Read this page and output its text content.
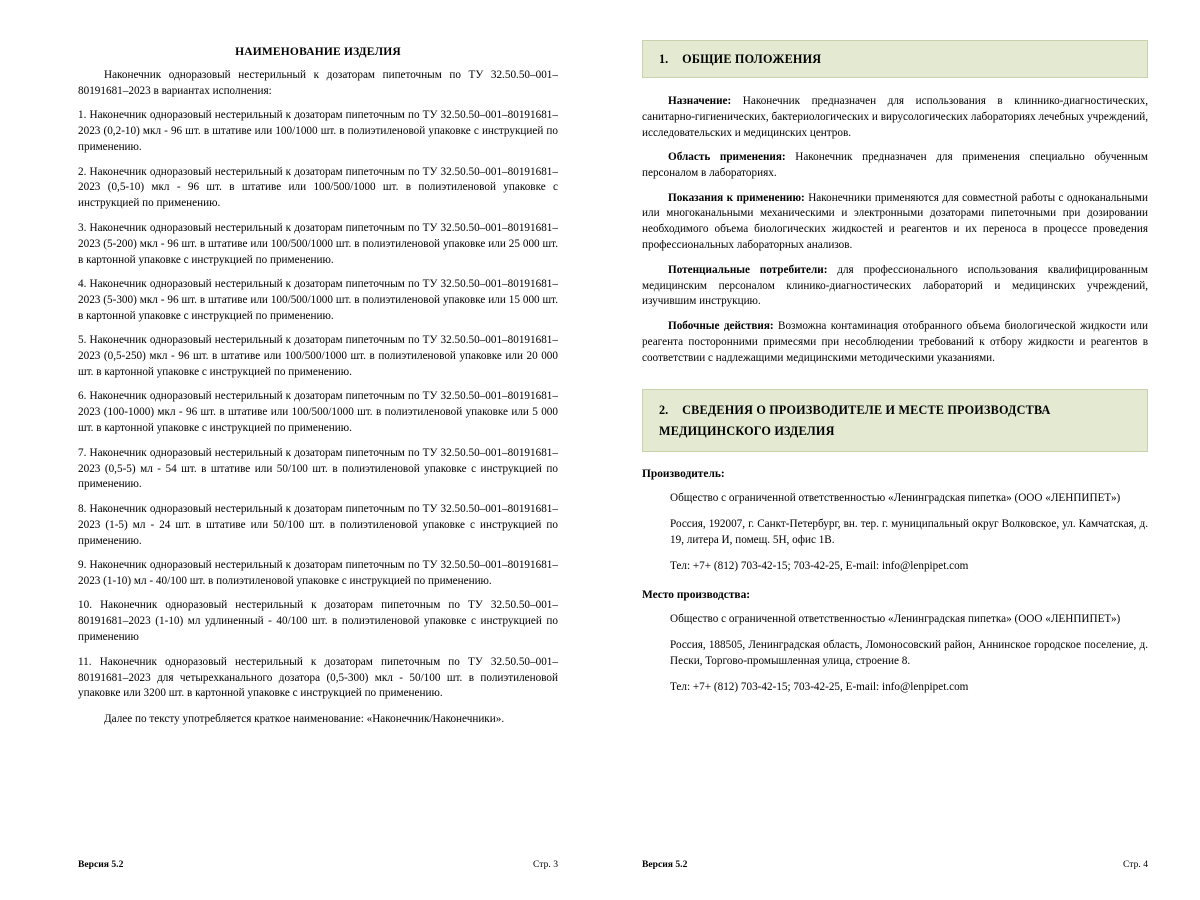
НАИМЕНОВАНИЕ ИЗДЕЛИЯ

Наконечник одноразовый нестерильный к дозаторам пипеточным по ТУ 32.50.50–001–80191681–2023 в вариантах исполнения:

1. Наконечник одноразовый нестерильный к дозаторам пипеточным по ТУ 32.50.50–001–80191681–2023 (0,2-10) мкл - 96 шт. в штативе или 100/1000 шт. в полиэтиленовой упаковке с инструкцией по применению.

2. Наконечник одноразовый нестерильный к дозаторам пипеточным по ТУ 32.50.50–001–80191681–2023 (0,5-10) мкл - 96 шт. в штативе или 100/500/1000 шт. в полиэтиленовой упаковке с инструкцией по применению.

3. Наконечник одноразовый нестерильный к дозаторам пипеточным по ТУ 32.50.50–001–80191681–2023 (5-200) мкл - 96 шт. в штативе или 100/500/1000 шт. в полиэтиленовой упаковке или 25 000 шт. в картонной упаковке с инструкцией по применению.

4. Наконечник одноразовый нестерильный к дозаторам пипеточным по ТУ 32.50.50–001–80191681–2023 (5-300) мкл - 96 шт. в штативе или 100/500/1000 шт. в полиэтиленовой упаковке или 15 000 шт. в картонной упаковке с инструкцией по применению.

5. Наконечник одноразовый нестерильный к дозаторам пипеточным по ТУ 32.50.50–001–80191681–2023 (0,5-250) мкл - 96 шт. в штативе или 100/500/1000 шт. в полиэтиленовой упаковке или 20 000 шт. в картонной упаковке с инструкцией по применению.

6. Наконечник одноразовый нестерильный к дозаторам пипеточным по ТУ 32.50.50–001–80191681–2023 (100-1000) мкл - 96 шт. в штативе или 100/500/1000 шт. в полиэтиленовой упаковке или 5 000 шт. в картонной упаковке с инструкцией по применению.

7. Наконечник одноразовый нестерильный к дозаторам пипеточным по ТУ 32.50.50–001–80191681–2023 (0,5-5) мл - 54 шт. в штативе или 50/100 шт. в полиэтиленовой упаковке с инструкцией по применению.

8. Наконечник одноразовый нестерильный к дозаторам пипеточным по ТУ 32.50.50–001–80191681–2023 (1-5) мл - 24 шт. в штативе или 50/100 шт. в полиэтиленовой упаковке с инструкцией по применению.

9. Наконечник одноразовый нестерильный к дозаторам пипеточным по ТУ 32.50.50–001–80191681–2023 (1-10) мл - 40/100 шт. в полиэтиленовой упаковке с инструкцией по применению.

10. Наконечник одноразовый нестерильный к дозаторам пипеточным по ТУ 32.50.50–001–80191681–2023 (1-10) мл удлиненный - 40/100 шт. в полиэтиленовой упаковке с инструкцией по применению

11. Наконечник одноразовый нестерильный к дозаторам пипеточным по ТУ 32.50.50–001–80191681–2023 для четырехканального дозатора (0,5-300) мкл - 50/100 шт. в полиэтиленовой упаковке или 3200 шт. в картонной упаковке с инструкцией по применению.

Далее по тексту употребляется краткое наименование: «Наконечник/Наконечники».

Версия 5.2	Стр. 3
1. ОБЩИЕ ПОЛОЖЕНИЯ

Назначение: Наконечник предназначен для использования в клиннико-диагностических, санитарно-гигиенических, бактериологических и вирусологических лабораториях лечебных учреждений, исследовательских и медицинских центров.

Область применения: Наконечник предназначен для применения специально обученным персоналом в лабораториях.

Показания к применению: Наконечники применяются для совместной работы с одноканальными или многоканальными механическими и электронными дозаторами пипеточными при дозировании необходимого объема биологических жидкостей и реагентов и их переноса в процессе проведения профессиональных лабораторных анализов.

Потенциальные потребители: для профессионального использования квалифицированным медицинским персоналом клинико-диагностических лабораторий и медицинских учреждений, изучившим инструкцию.

Побочные действия: Возможна контаминация отобранного объема биологической жидкости или реагента посторонними примесями при несоблюдении требований к отбору жидкости и реагентов в соответствии с надлежащими медицинскими методическими указаниями.

2. СВЕДЕНИЯ О ПРОИЗВОДИТЕЛЕ И МЕСТЕ ПРОИЗВОДСТВА МЕДИЦИНСКОГО ИЗДЕЛИЯ
Производитель:

Общество с ограниченной ответственностью «Ленинградская пипетка» (ООО «ЛЕНПИПЕТ»)

Россия, 192007, г. Санкт-Петербург, вн. тер. г. муниципальный округ Волковское, ул. Камчатская, д. 19, литера И, помещ. 5Н, офис 1В.

Тел: +7+ (812) 703-42-15; 703-42-25, E-mail: info@lenpipet.com

Место производства:

Общество с ограниченной ответственностью «Ленинградская пипетка» (ООО «ЛЕНПИПЕТ»)

Россия, 188505, Ленинградская область, Ломоносовский район, Аннинское городское поселение, д. Пески, Торгово-промышленная улица, строение 8.

Тел: +7+ (812) 703-42-15; 703-42-25, E-mail: info@lenpipet.com

Версия 5.2	Стр. 4
